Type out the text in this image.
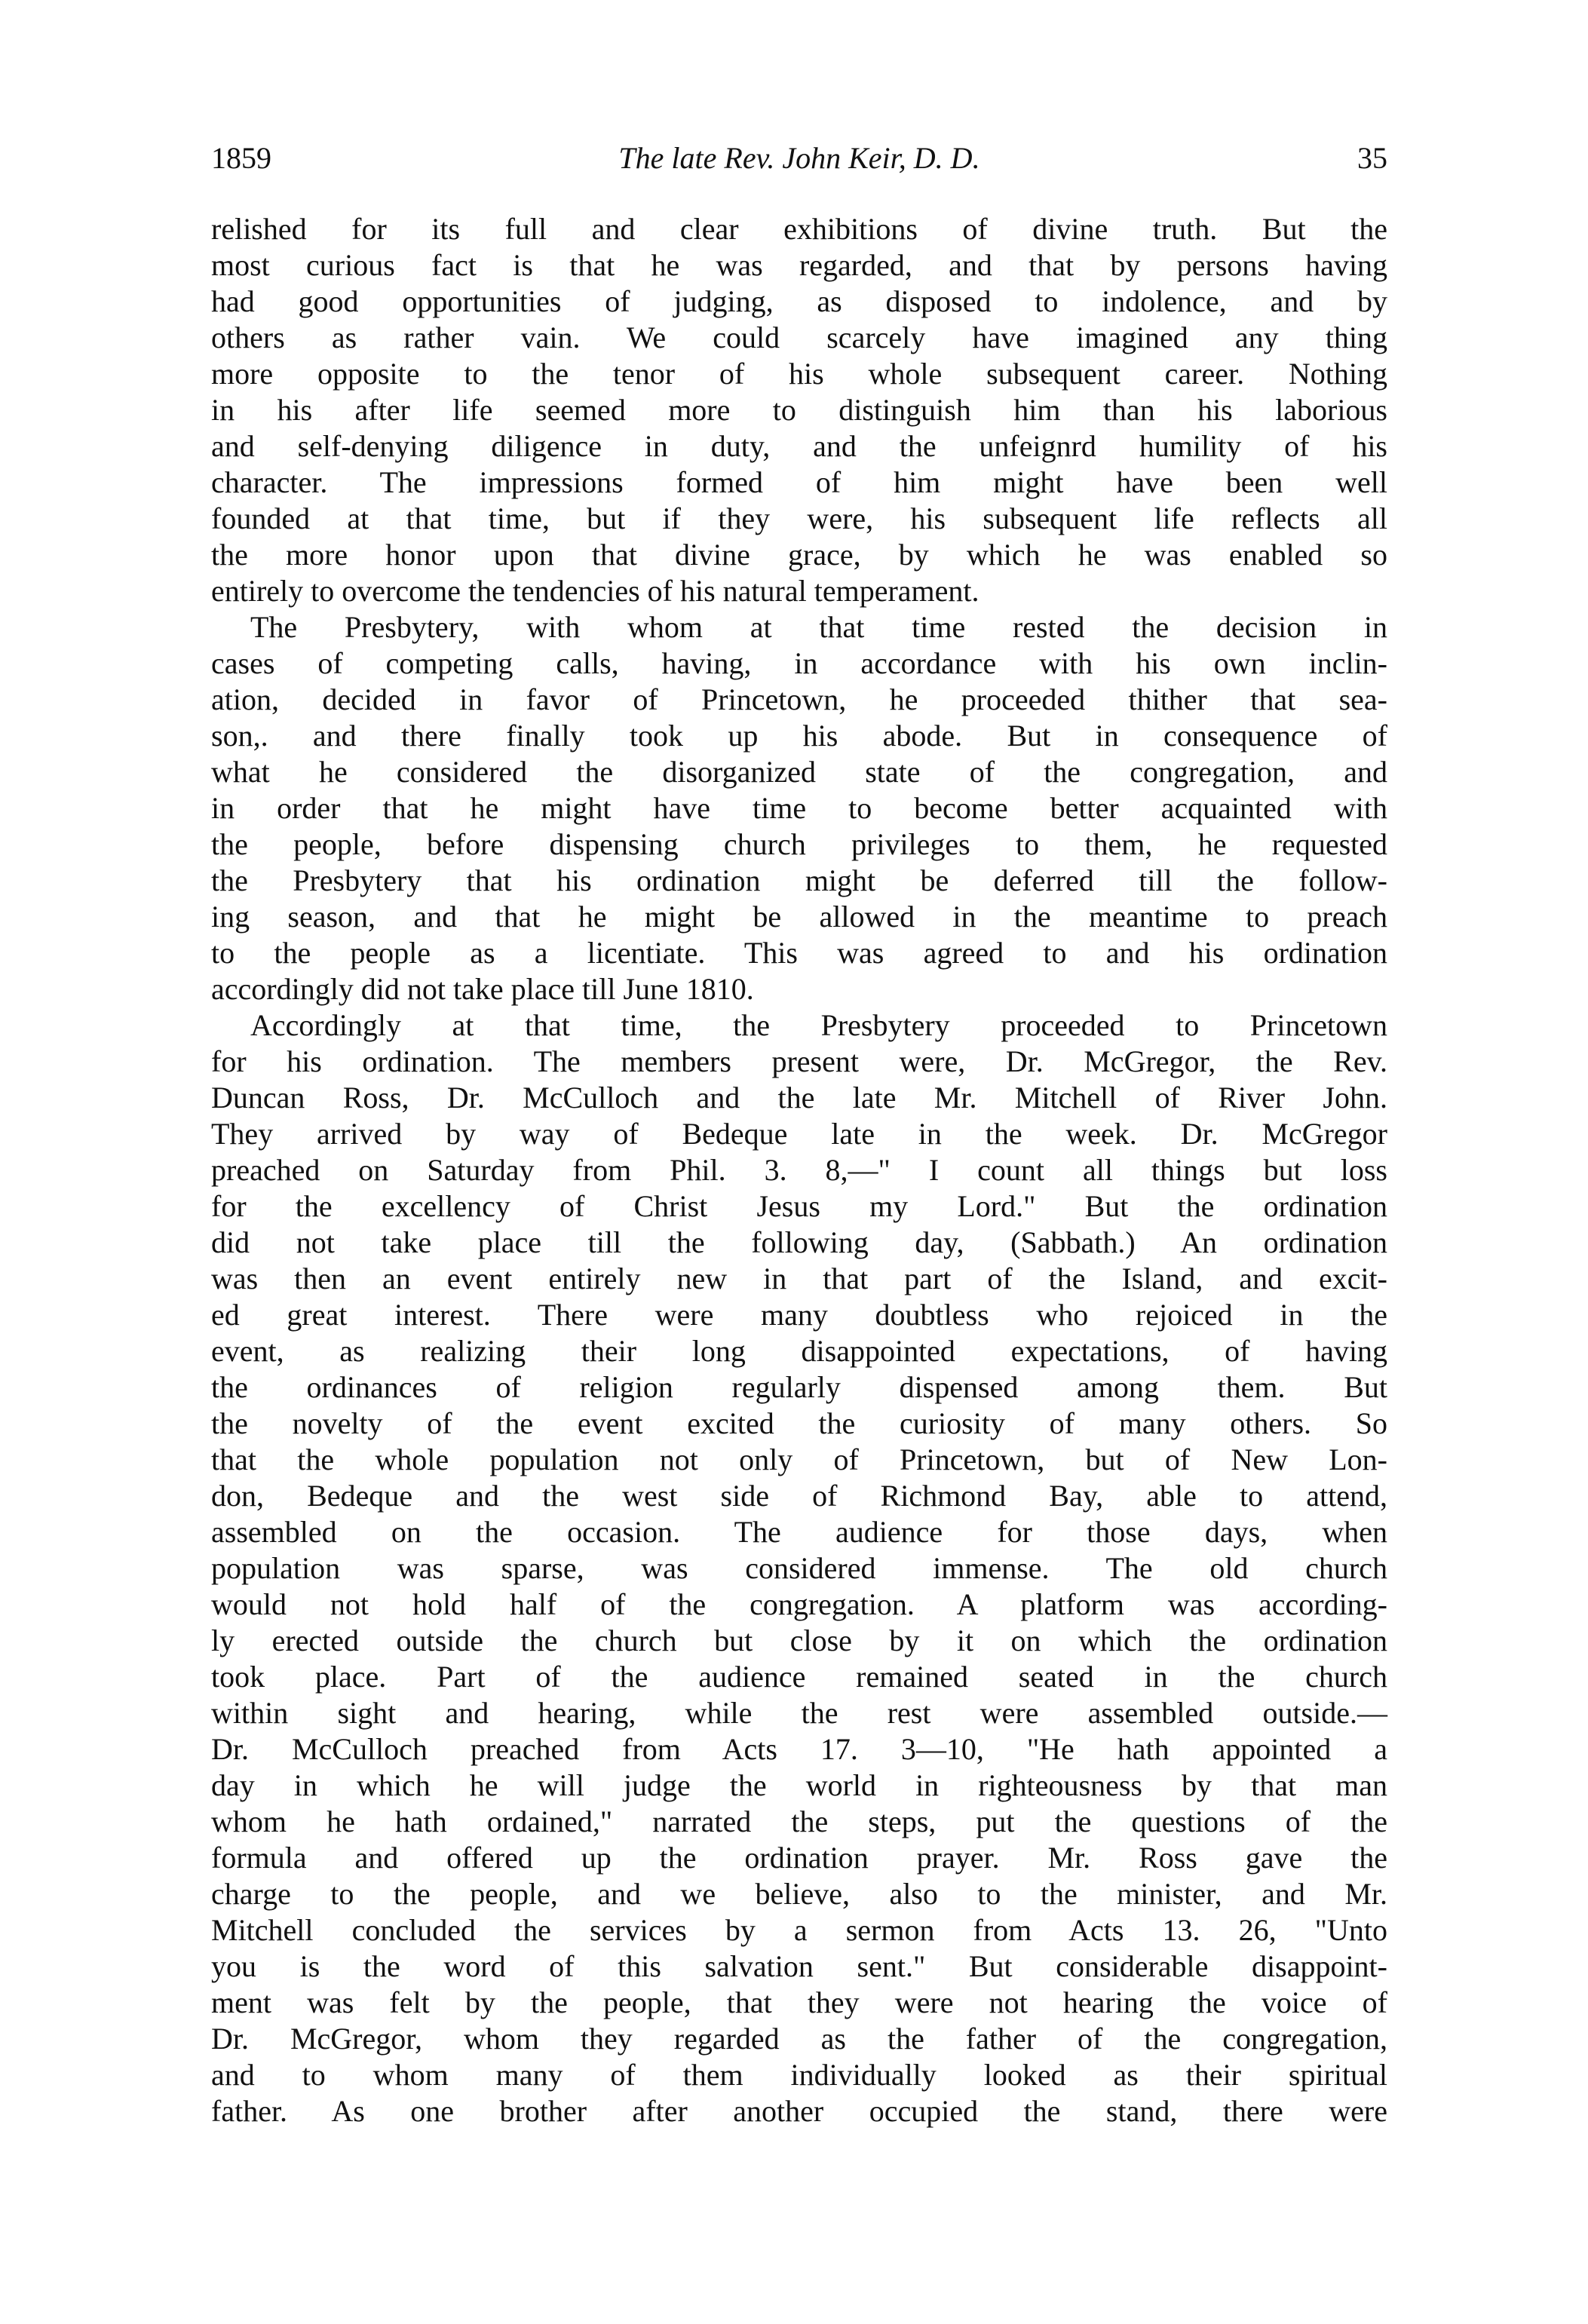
1859	The late Rev. John Keir, D. D.	35
relished for its full and clear exhibitions of divine truth. But the
most curious fact is that he was regarded, and that by persons having
had good opportunities of judging, as disposed to indolence, and by
others as rather vain. We could scarcely have imagined any thing
more opposite to the tenor of his whole subsequent career. Nothing
in his after life seemed more to distinguish him than his laborious
and self-denying diligence in duty, and the unfeignrd humility of his
character. The impressions formed of him might have been well
founded at that time, but if they were, his subsequent life reflects all
the more honor upon that divine grace, by which he was enabled so
entirely to overcome the tendencies of his natural temperament.
The Presbytery, with whom at that time rested the decision in
cases of competing calls, having, in accordance with his own inclin-
ation, decided in favor of Princetown, he proceeded thither that sea-
son,. and there finally took up his abode. But in consequence of
what he considered the disorganized state of the congregation, and
in order that he might have time to become better acquainted with
the people, before dispensing church privileges to them, he requested
the Presbytery that his ordination might be deferred till the follow-
ing season, and that he might be allowed in the meantime to preach
to the people as a licentiate. This was agreed to and his ordination
accordingly did not take place till June 1810.
Accordingly at that time, the Presbytery proceeded to Princetown
for his ordination. The members present were, Dr. McGregor, the Rev.
Duncan Ross, Dr. McCulloch and the late Mr. Mitchell of River John.
They arrived by way of Bedeque late in the week. Dr. McGregor
preached on Saturday from Phil. 3. 8,—" I count all things but loss
for the excellency of Christ Jesus my Lord." But the ordination
did not take place till the following day, (Sabbath.) An ordination
was then an event entirely new in that part of the Island, and excit-
ed great interest. There were many doubtless who rejoiced in the
event, as realizing their long disappointed expectations, of having
the ordinances of religion regularly dispensed among them. But
the novelty of the event excited the curiosity of many others. So
that the whole population not only of Princetown, but of New Lon-
don, Bedeque and the west side of Richmond Bay, able to attend,
assembled on the occasion. The audience for those days, when
population was sparse, was considered immense. The old church
would not hold half of the congregation. A platform was according-
ly erected outside the church but close by it on which the ordination
took place. Part of the audience remained seated in the church
within sight and hearing, while the rest were assembled outside.—
Dr. McCulloch preached from Acts 17. 3—10, "He hath appointed a
day in which he will judge the world in righteousness by that man
whom he hath ordained," narrated the steps, put the questions of the
formula and offered up the ordination prayer. Mr. Ross gave the
charge to the people, and we believe, also to the minister, and Mr.
Mitchell concluded the services by a sermon from Acts 13. 26, "Unto
you is the word of this salvation sent." But considerable disappoint-
ment was felt by the people, that they were not hearing the voice of
Dr. McGregor, whom they regarded as the father of the congregation,
and to whom many of them individually looked as their spiritual
father. As one brother after another occupied the stand, there were
